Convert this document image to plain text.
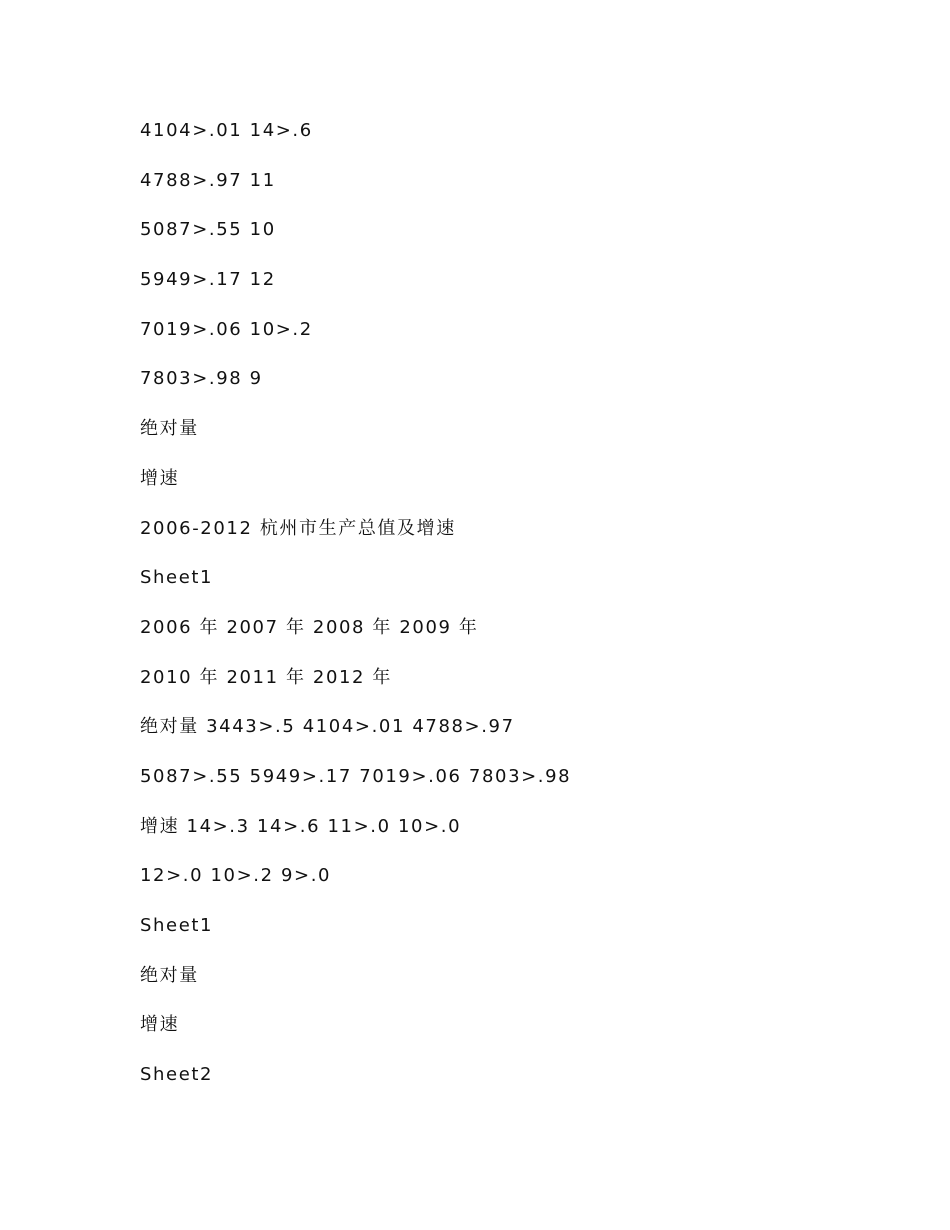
4104>.01 14>.6
4788>.97 11
5087>.55 10
5949>.17 12
7019>.06 10>.2
7803>.98 9
绝对量
增速
2006-2012 杭州市生产总值及增速
Sheet1
2006 年 2007 年 2008 年 2009 年
2010 年 2011 年 2012 年
绝对量 3443>.5 4104>.01 4788>.97
5087>.55 5949>.17 7019>.06 7803>.98
增速 14>.3 14>.6 11>.0 10>.0
12>.0 10>.2 9>.0
Sheet1
绝对量
增速
Sheet2
